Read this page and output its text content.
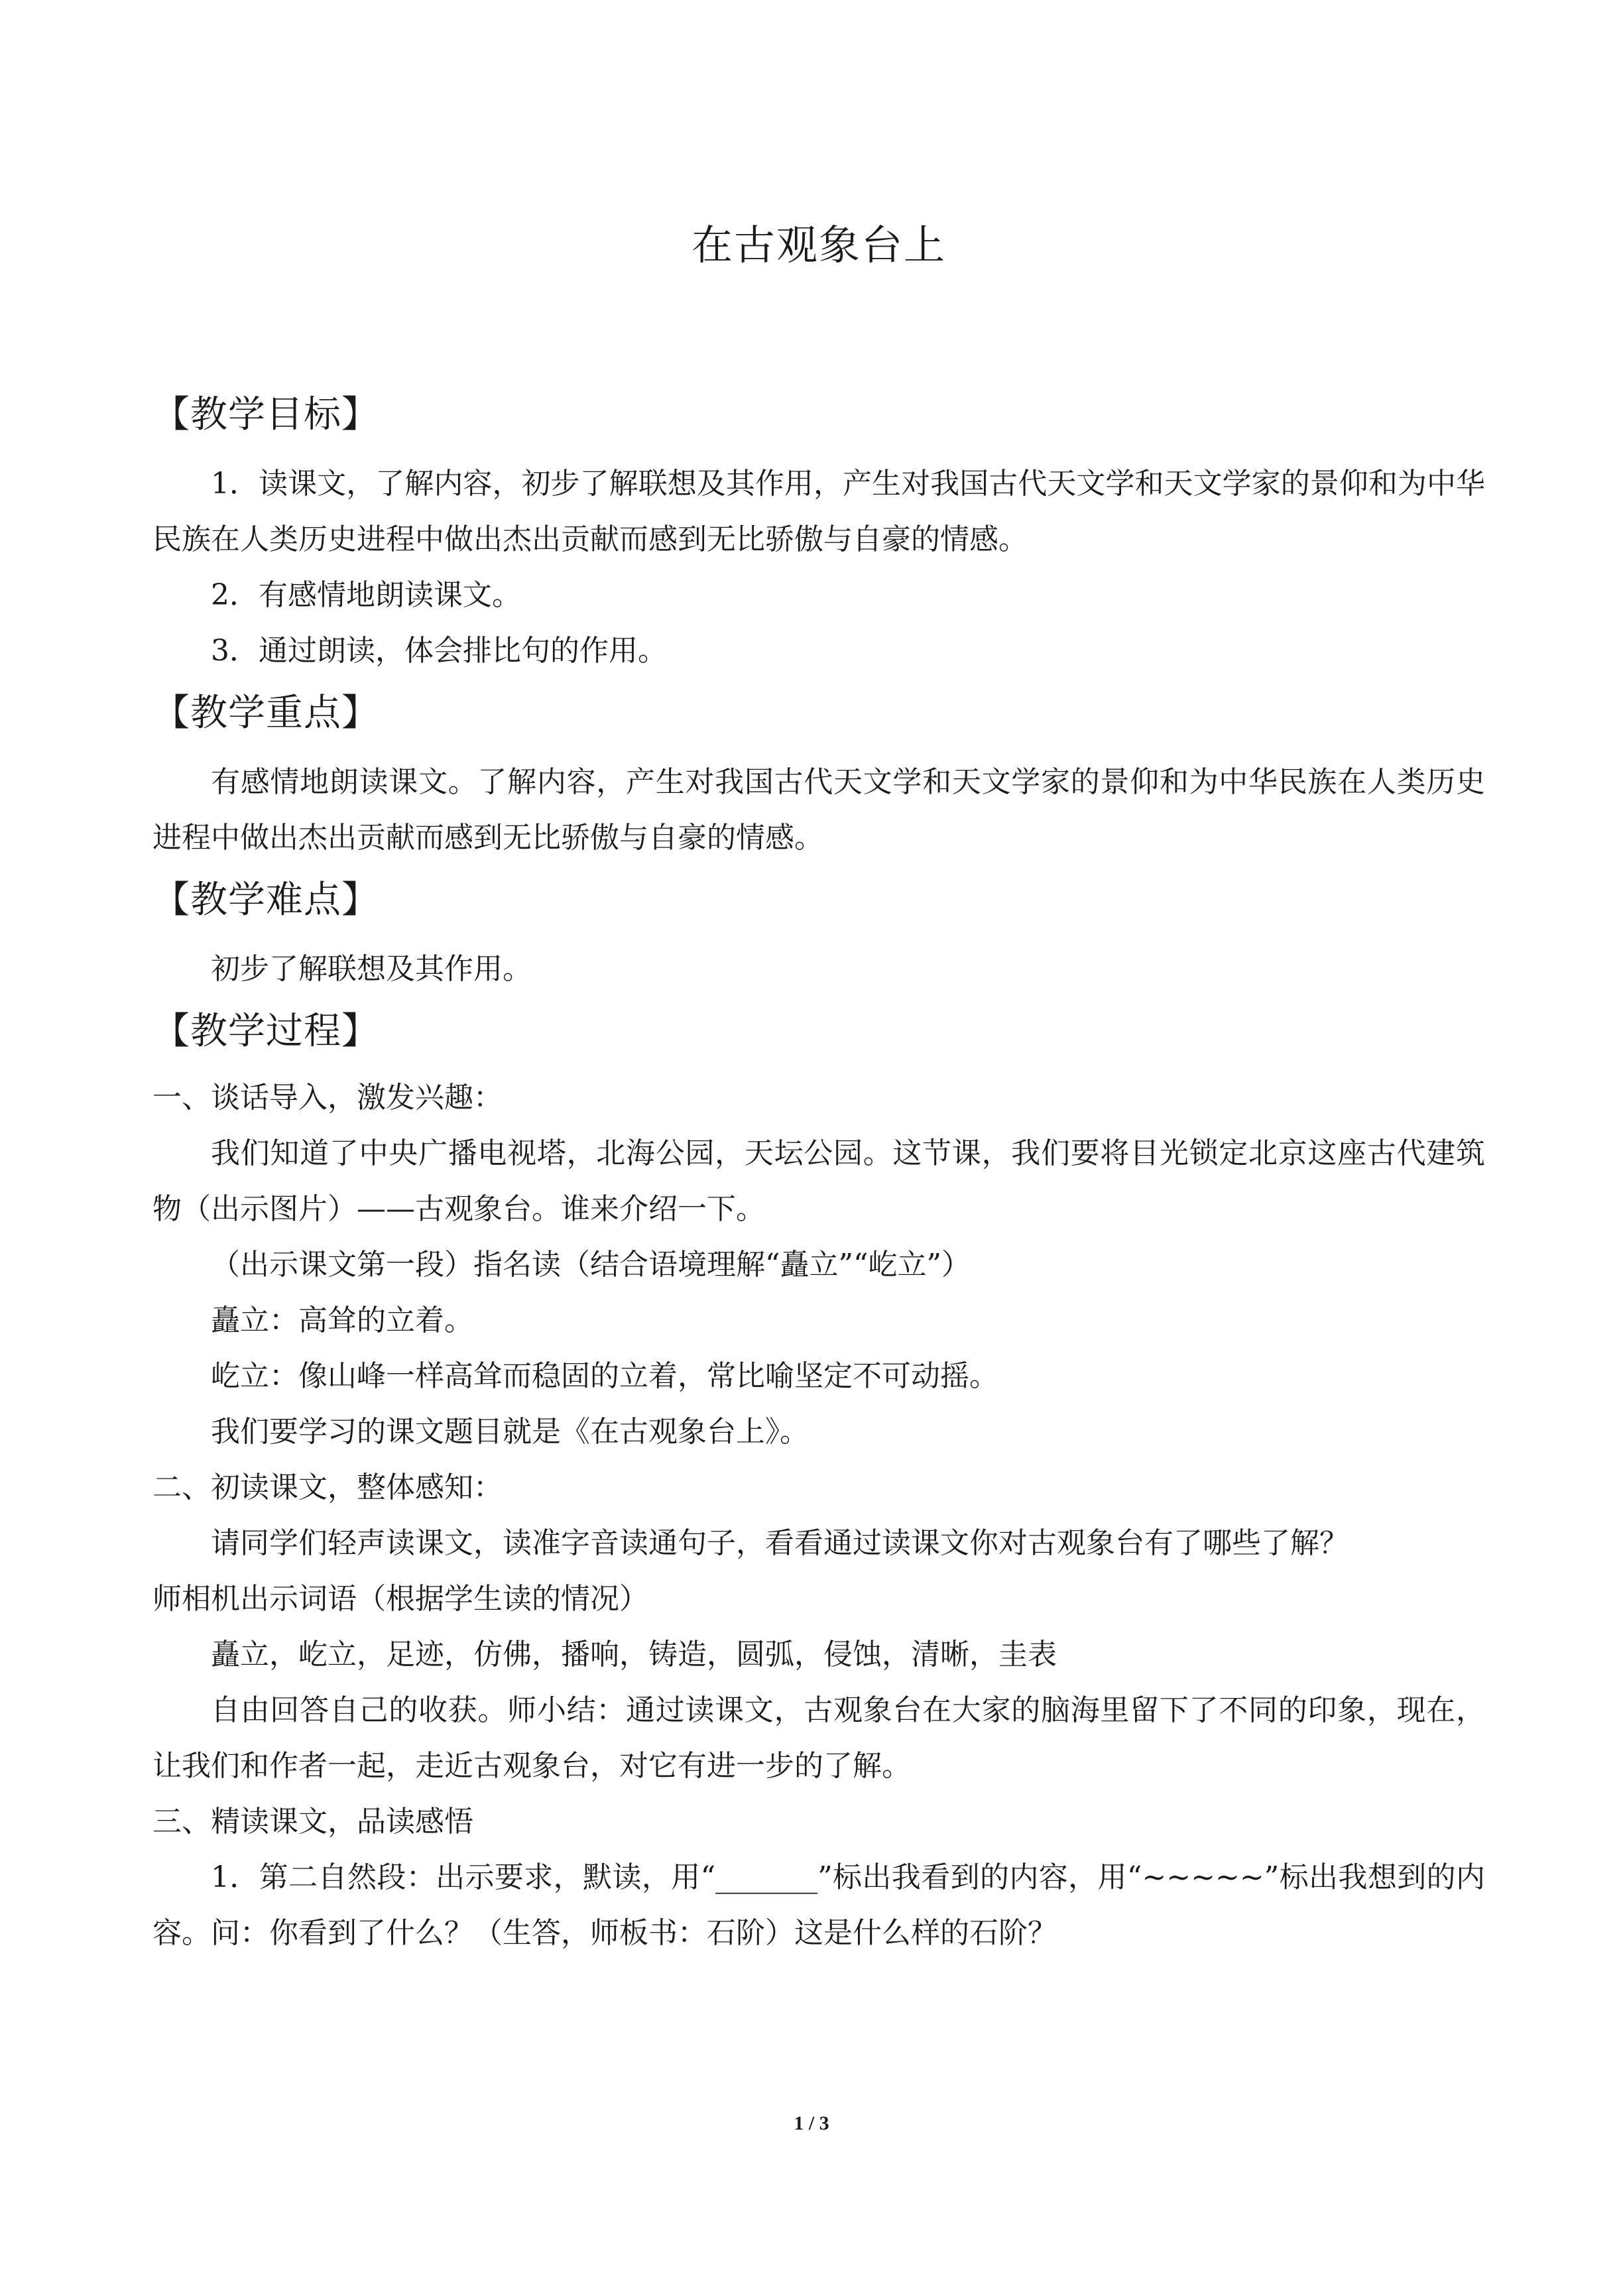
在古观象台上
【教学目标】

1．读课文，了解内容，初步了解联想及其作用，产生对我国古代天文学和天文学家的景仰和为中华民族在人类历史进程中做出杰出贡献而感到无比骄傲与自豪的情感。

2．有感情地朗读课文。

3．通过朗读，体会排比句的作用。

【教学重点】

有感情地朗读课文。了解内容，产生对我国古代天文学和天文学家的景仰和为中华民族在人类历史进程中做出杰出贡献而感到无比骄傲与自豪的情感。

【教学难点】

初步了解联想及其作用。

【教学过程】

一、谈话导入，激发兴趣：

我们知道了中央广播电视塔，北海公园，天坛公园。这节课，我们要将目光锁定北京这座古代建筑物（出示图片）——古观象台。谁来介绍一下。

（出示课文第一段）指名读（结合语境理解“矗立”“屹立”）

矗立：高耸的立着。

屹立：像山峰一样高耸而稳固的立着，常比喻坚定不可动摇。

我们要学习的课文题目就是《在古观象台上》。

二、初读课文，整体感知：

请同学们轻声读课文，读准字音读通句子，看看通过读课文你对古观象台有了哪些了解？

师相机出示词语（根据学生读的情况）

矗立，屹立，足迹，仿佛，播响，铸造，圆弧，侵蚀，清晰，圭表

自由回答自己的收获。师小结：通过读课文，古观象台在大家的脑海里留下了不同的印象，现在，让我们和作者一起，走近古观象台，对它有进一步的了解。

三、精读课文，品读感悟

1．第二自然段：出示要求，默读，用“_______”标出我看到的内容，用“~~~~~”标出我想到的内容。问：你看到了什么？（生答，师板书：石阶）这是什么样的石阶？

1 / 3
